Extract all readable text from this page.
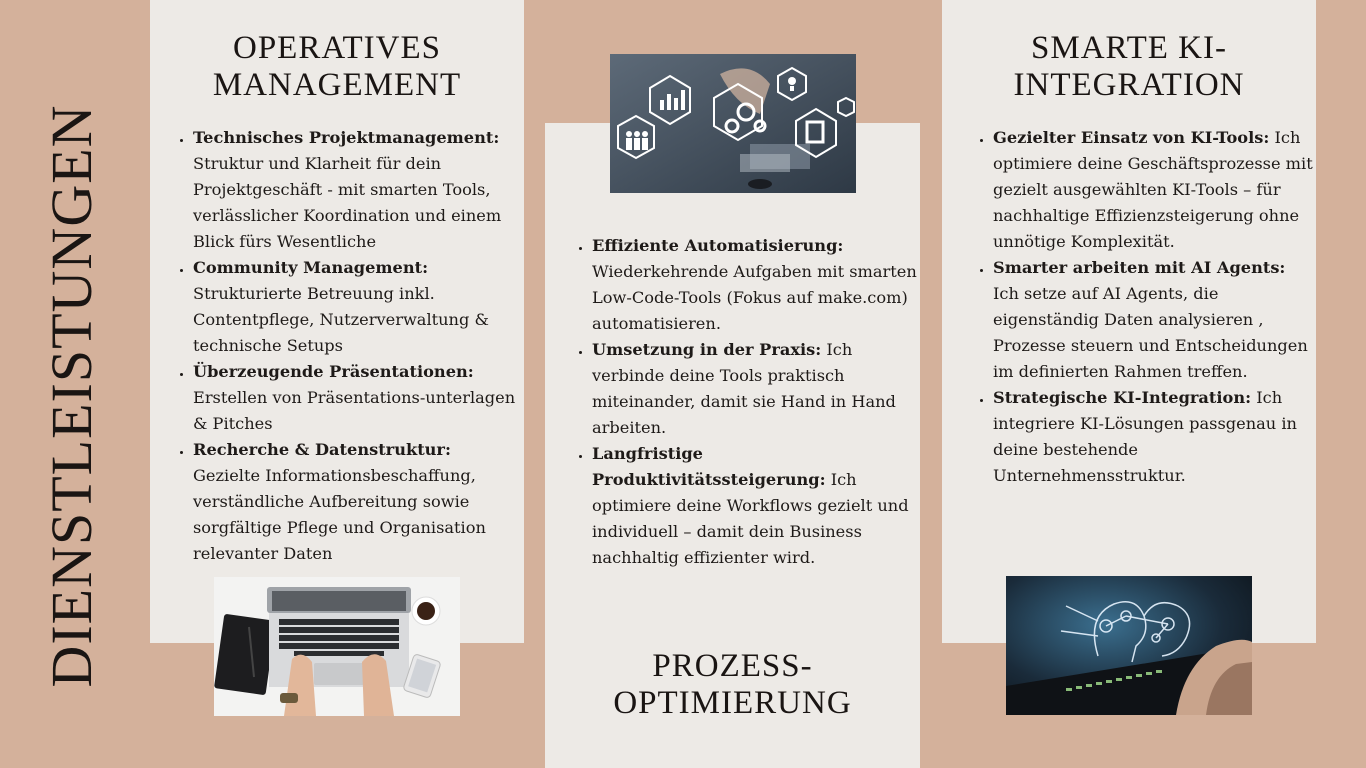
DIENSTLEISTUNGEN
OPERATIVES
MANAGEMENT
• Technisches Projektmanagement:
Struktur und Klarheit für dein Projektgeschäft - mit smarten Tools, verlässlicher Koordination und einem Blick fürs Wesentliche
• Community Management:
Strukturierte Betreuung inkl. Contentpflege, Nutzerverwaltung & technische Setups
• Überzeugende Präsentationen:
Erstellen von Präsentations-unterlagen & Pitches
• Recherche & Datenstruktur:
Gezielte Informationsbeschaffung, verständliche Aufbereitung sowie sorgfältige Pflege und Organisation relevanter Daten
• Effiziente Automatisierung:
Wiederkehrende Aufgaben mit smarten Low-Code-Tools (Fokus auf make.com) automatisieren.
• Umsetzung in der Praxis: Ich verbinde deine Tools praktisch miteinander, damit sie Hand in Hand arbeiten.
• Langfristige Produktivitätssteigerung: Ich optimiere deine Workflows gezielt und individuell – damit dein Business nachhaltig effizienter wird.
PROZESS-
OPTIMIERUNG
SMARTE KI-
INTEGRATION
• Gezielter Einsatz von KI-Tools: Ich optimiere deine Geschäftsprozesse mit gezielt ausgewählten KI-Tools – für nachhaltige Effizienzsteigerung ohne unnötige Komplexität.
• Smarter arbeiten mit AI Agents:
Ich setze auf AI Agents, die eigenständig Daten analysieren , Prozesse steuern und Entscheidungen im definierten Rahmen treffen.
• Strategische KI-Integration: Ich integriere KI-Lösungen passgenau in deine bestehende Unternehmensstruktur.
